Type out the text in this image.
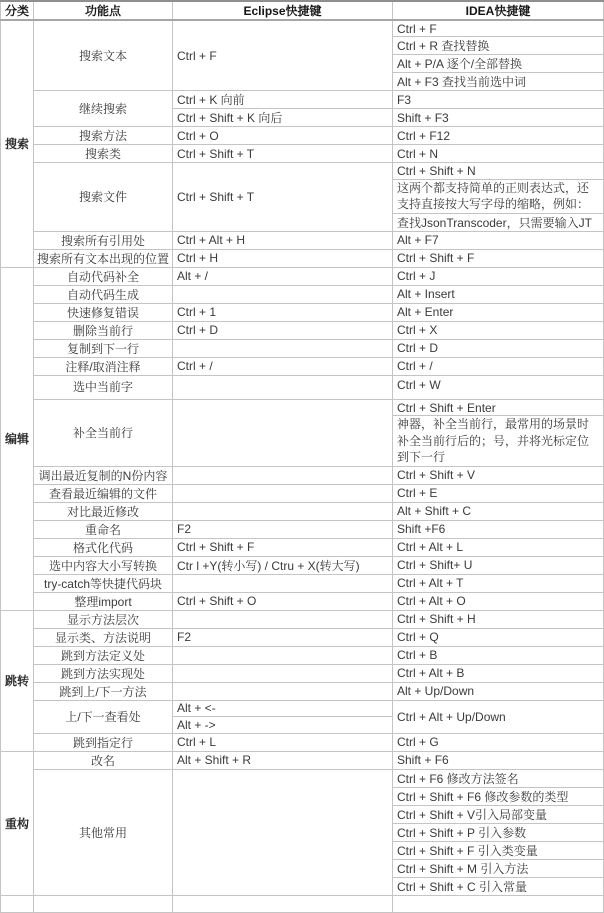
分类	功能点	Eclipse快捷键	IDEA快捷键
搜索	搜索文本	Ctrl + F	Ctrl + F
			Ctrl + R 查找替换
			Alt + P/A 逐个/全部替换
			Alt + F3 查找当前选中词
	继续搜索	Ctrl + K 向前	F3
		Ctrl + Shift + K 向后	Shift + F3
	搜索方法	Ctrl + O	Ctrl + F12
	搜索类	Ctrl + Shift + T	Ctrl + N
	搜索文件	Ctrl + Shift + T	Ctrl + Shift + N
			这两个都支持简单的正则表达式，还支持直接按大写字母的缩略，例如：

			查找JsonTranscoder，只需要输入JT
	搜索所有引用处	Ctrl + Alt + H	Alt + F7
	搜索所有文本出现的位置	Ctrl + H	Ctrl + Shift + F
编辑	自动代码补全	Alt + /	Ctrl + J
	自动代码生成		Alt + Insert
	快速修复错误	Ctrl + 1	Alt + Enter
	删除当前行	Ctrl + D	Ctrl + X
	复制到下一行		Ctrl + D
	注释/取消注释	Ctrl + /	Ctrl + /
	选中当前字		Ctrl + W
	补全当前行		Ctrl + Shift + Enter
			神器，补全当前行，最常用的场景时补全当前行后的；号，并将光标定位到下一行

	调出最近复制的N份内容		Ctrl + Shift + V
	查看最近编辑的文件		Ctrl + E
	对比最近修改		Alt + Shift + C
	重命名	F2	Shift +F6
	格式化代码	Ctrl + Shift + F	Ctrl + Alt + L
	选中内容大小写转换	Ctr l +Y(转小写) / Ctru + X(转大写)	Ctrl + Shift+ U
	try-catch等快捷代码块		Ctrl + Alt + T
	整理import	Ctrl + Shift + O	Ctrl + Alt + O
跳转	显示方法层次		Ctrl + Shift + H
	显示类、方法说明	F2	Ctrl + Q
	跳到方法定义处		Ctrl + B
	跳到方法实现处		Ctrl + Alt + B
	跳到上/下一方法		Alt + Up/Down
	上/下一查看处	Alt + <-	Ctrl + Alt + Up/Down
		Alt + ->	
	跳到指定行	Ctrl + L	Ctrl + G
重构	改名	Alt + Shift + R	Shift + F6
	其他常用		Ctrl + F6 修改方法签名
			Ctrl + Shift + F6 修改参数的类型
			Ctrl + Shift + V引入局部变量
			Ctrl + Shift + P 引入参数
			Ctrl + Shift + F 引入类变量
			Ctrl + Shift + M 引入方法
			Ctrl + Shift + C 引入常量
